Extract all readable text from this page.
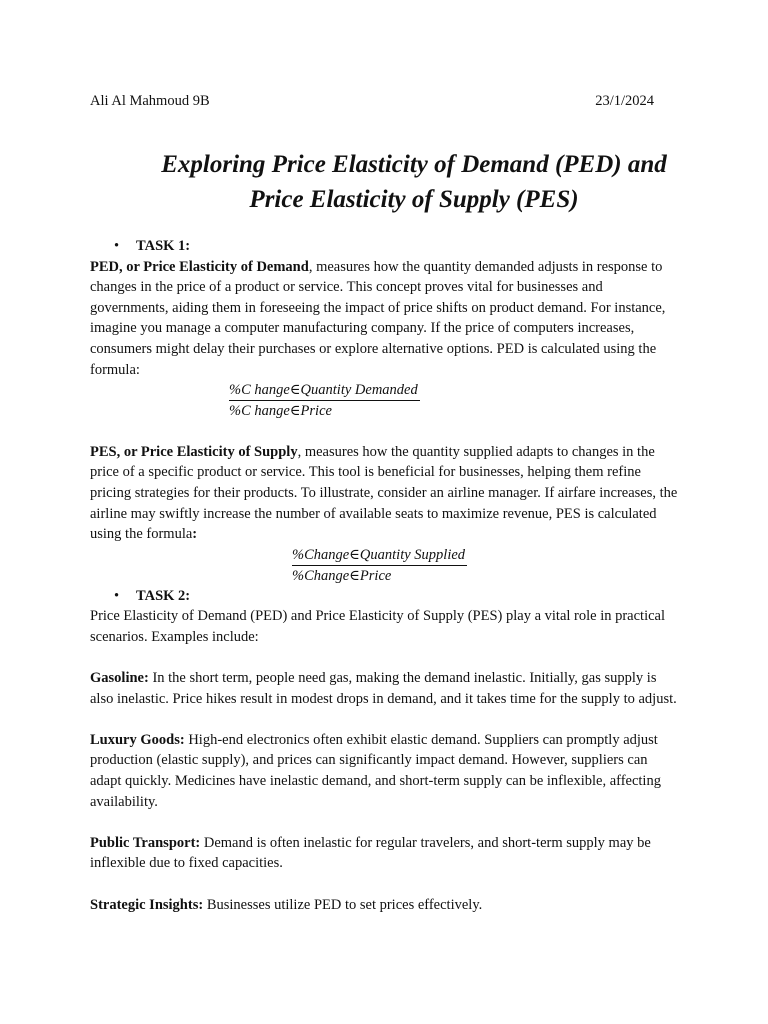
Ali Al Mahmoud 9B	23/1/2024
Exploring Price Elasticity of Demand (PED) and
Price Elasticity of Supply (PES)
• TASK 1:

PED, or Price Elasticity of Demand, measures how the quantity demanded adjusts in response to changes in the price of a product or service. This concept proves vital for businesses and governments, aiding them in foreseeing the impact of price shifts on product demand. For instance, imagine you manage a computer manufacturing company. If the price of computers increases, consumers might delay their purchases or explore alternative options. PED is calculated using the formula:

$\frac{\text{\%C hange∈Quantity Demanded}}{\text{\%C hange∈Price}}$

PES, or Price Elasticity of Supply, measures how the quantity supplied adapts to changes in the price of a specific product or service. This tool is beneficial for businesses, helping them refine pricing strategies for their products. To illustrate, consider an airline manager. If airfare increases, the airline may swiftly increase the number of available seats to maximize revenue, PES is calculated using the formula:

$\frac{\text{\%Change∈Quantity Supplied}}{\text{\%Change∈Price}}$
• TASK 2:

Price Elasticity of Demand (PED) and Price Elasticity of Supply (PES) play a vital role in practical scenarios. Examples include:

Gasoline: In the short term, people need gas, making the demand inelastic. Initially, gas supply is also inelastic. Price hikes result in modest drops in demand, and it takes time for the supply to adjust.

Luxury Goods: High-end electronics often exhibit elastic demand. Suppliers can promptly adjust production (elastic supply), and prices can significantly impact demand. However, suppliers can adapt quickly. Medicines have inelastic demand, and short-term supply can be inflexible, affecting availability.

Public Transport: Demand is often inelastic for regular travelers, and short-term supply may be inflexible due to fixed capacities.

Strategic Insights: Businesses utilize PED to set prices effectively.
